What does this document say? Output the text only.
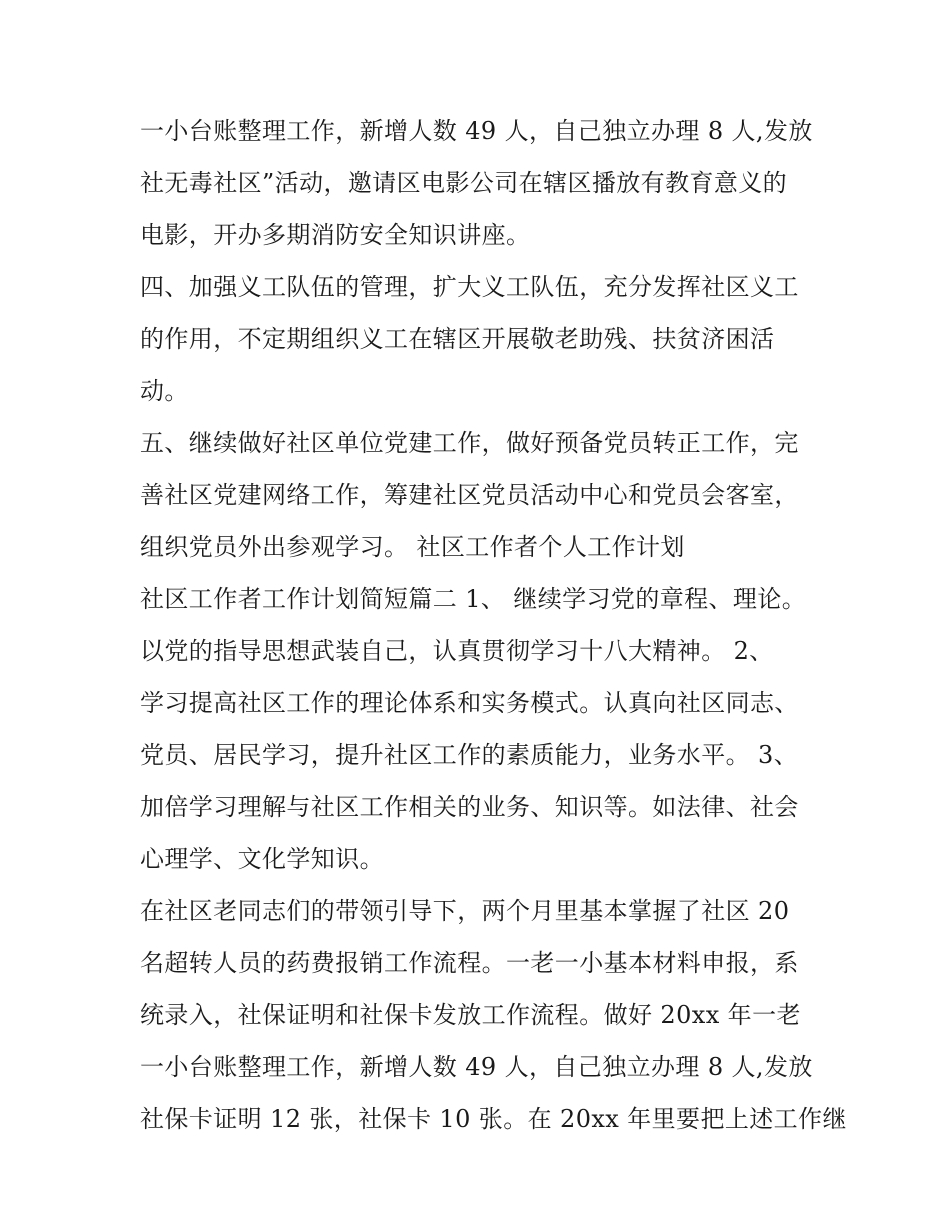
一小台账整理工作，新增人数 49 人，自己独立办理 8 人,发放
社无毒社区”活动，邀请区电影公司在辖区播放有教育意义的
电影，开办多期消防安全知识讲座。
四、加强义工队伍的管理，扩大义工队伍，充分发挥社区义工
的作用，不定期组织义工在辖区开展敬老助残、扶贫济困活
动。
五、继续做好社区单位党建工作，做好预备党员转正工作，完
善社区党建网络工作，筹建社区党员活动中心和党员会客室，
组织党员外出参观学习。 社区工作者个人工作计划
社区工作者工作计划简短篇二 1、 继续学习党的章程、理论。
以党的指导思想武装自己，认真贯彻学习十八大精神。 2、
学习提高社区工作的理论体系和实务模式。认真向社区同志、
党员、居民学习，提升社区工作的素质能力，业务水平。 3、
加倍学习理解与社区工作相关的业务、知识等。如法律、社会
心理学、文化学知识。
在社区老同志们的带领引导下，两个月里基本掌握了社区 20
名超转人员的药费报销工作流程。一老一小基本材料申报，系
统录入，社保证明和社保卡发放工作流程。做好 20xx 年一老
一小台账整理工作，新增人数 49 人，自己独立办理 8 人,发放
社保卡证明 12 张，社保卡 10 张。在 20xx 年里要把上述工作继
